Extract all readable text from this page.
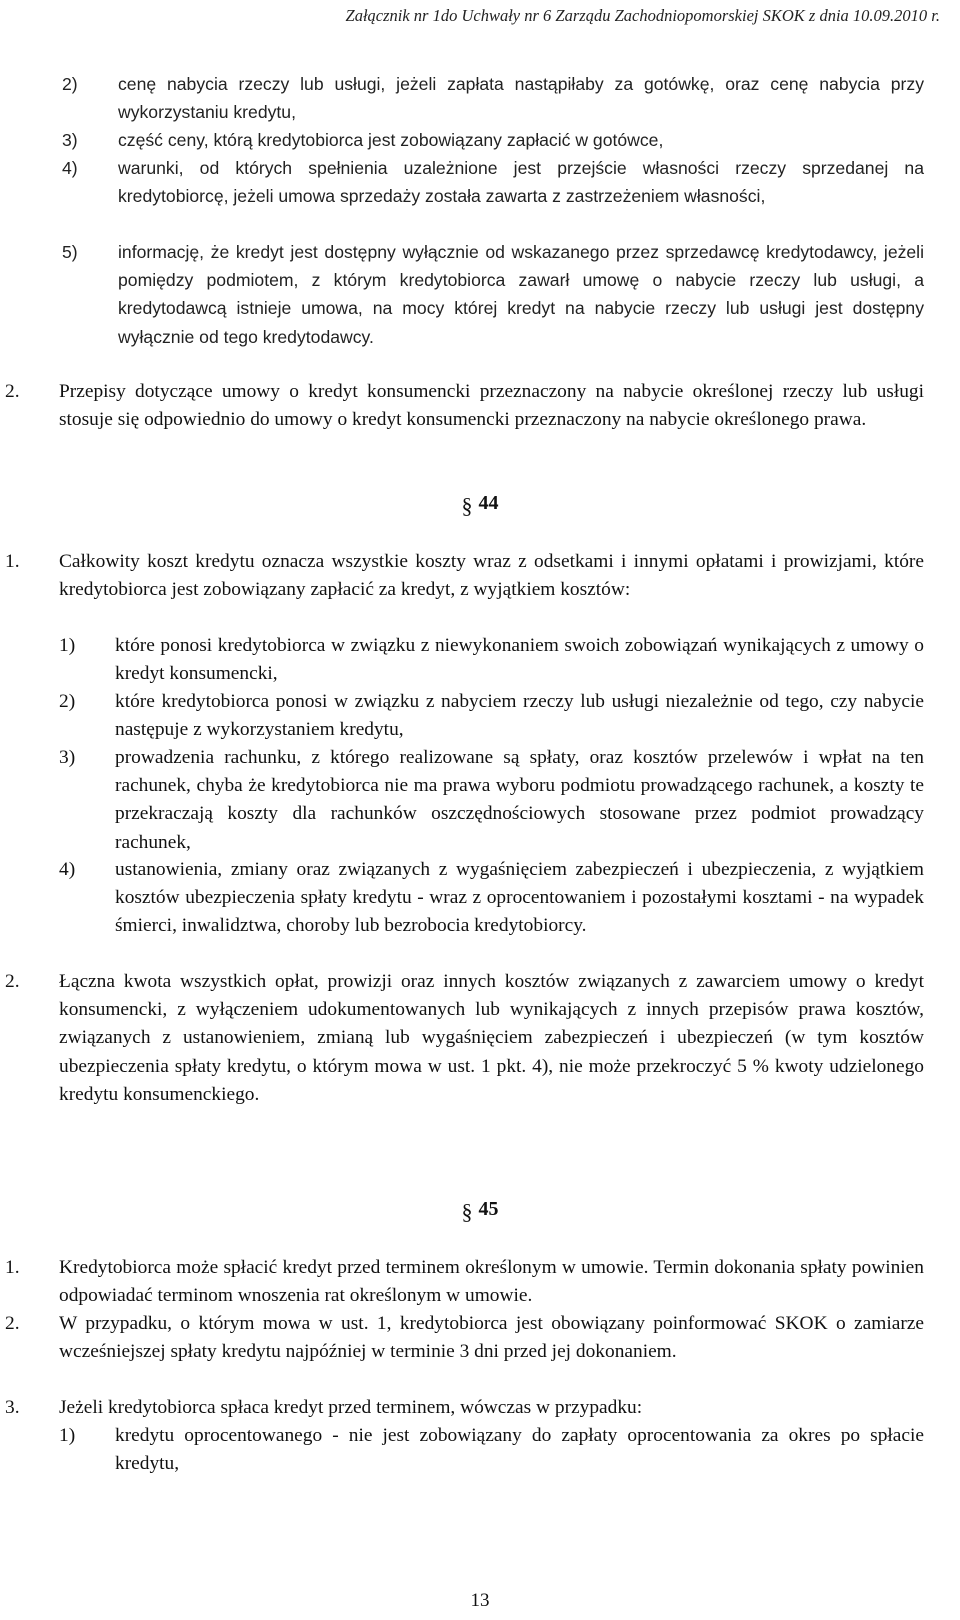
Załącznik nr 1do Uchwały nr 6 Zarządu Zachodniopomorskiej SKOK z dnia 10.09.2010 r.
2)	cenę nabycia rzeczy lub usługi, jeżeli zapłata nastąpiłaby za gotówkę, oraz cenę nabycia przy wykorzystaniu kredytu,
3)	część ceny, którą kredytobiorca jest zobowiązany zapłacić w gotówce,
4)	warunki, od których spełnienia uzależnione jest przejście własności rzeczy sprzedanej na kredytobiorcę, jeżeli umowa sprzedaży została zawarta z zastrzeżeniem własności,
5)	informację, że kredyt jest dostępny wyłącznie od wskazanego przez sprzedawcę kredytodawcy, jeżeli pomiędzy podmiotem, z którym kredytobiorca zawarł umowę o nabycie rzeczy lub usługi, a kredytodawcą istnieje umowa, na mocy której kredyt na nabycie rzeczy lub usługi jest dostępny wyłącznie od tego kredytodawcy.
2.	Przepisy dotyczące umowy o kredyt konsumencki przeznaczony na nabycie określonej rzeczy lub usługi stosuje się odpowiednio do umowy o kredyt konsumencki przeznaczony na nabycie określonego prawa.
§ 44
1.	Całkowity koszt kredytu oznacza wszystkie koszty wraz z odsetkami i innymi opłatami i prowizjami, które kredytobiorca jest zobowiązany zapłacić za kredyt, z wyjątkiem kosztów:
1)	które ponosi kredytobiorca w związku z niewykonaniem swoich zobowiązań wynikających z umowy o kredyt konsumencki,
2)	które kredytobiorca ponosi w związku z nabyciem rzeczy lub usługi niezależnie od tego, czy nabycie następuje z wykorzystaniem kredytu,
3)	prowadzenia rachunku, z którego realizowane są spłaty, oraz kosztów przelewów i wpłat na ten rachunek, chyba że kredytobiorca nie ma prawa wyboru podmiotu prowadzącego rachunek, a koszty te przekraczają koszty dla rachunków oszczędnościowych stosowane przez podmiot prowadzący rachunek,
4)	ustanowienia, zmiany oraz związanych z wygaśnięciem zabezpieczeń i ubezpieczenia, z wyjątkiem kosztów ubezpieczenia spłaty kredytu - wraz z oprocentowaniem i pozostałymi kosztami - na wypadek śmierci, inwalidztwa, choroby lub bezrobocia kredytobiorcy.
2.	Łączna kwota wszystkich opłat, prowizji oraz innych kosztów związanych z zawarciem umowy o kredyt konsumencki, z wyłączeniem udokumentowanych lub wynikających z innych przepisów prawa kosztów, związanych z ustanowieniem, zmianą lub wygaśnięciem zabezpieczeń i ubezpieczeń (w tym kosztów ubezpieczenia spłaty kredytu, o którym mowa w ust. 1 pkt. 4), nie może przekroczyć 5 % kwoty udzielonego kredytu konsumenckiego.
§ 45
1.	Kredytobiorca może spłacić kredyt przed terminem określonym w umowie. Termin dokonania spłaty powinien odpowiadać terminom wnoszenia rat określonym w umowie.
2.	W przypadku, o którym mowa w ust. 1, kredytobiorca jest obowiązany poinformować SKOK o zamiarze wcześniejszej spłaty kredytu najpóźniej w terminie 3 dni przed jej dokonaniem.
3.	Jeżeli kredytobiorca spłaca kredyt przed terminem, wówczas w przypadku:
1)	kredytu oprocentowanego - nie jest zobowiązany do zapłaty oprocentowania za okres po spłacie kredytu,
13
